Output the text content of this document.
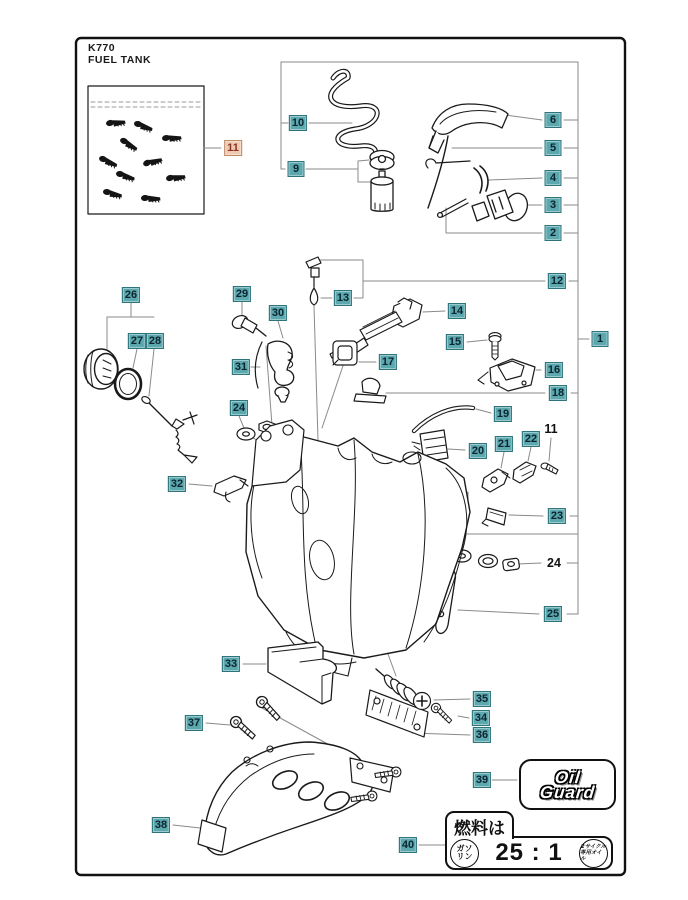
K770
FUEL TANK
11
10
9
6
5
4
3
2
12
1
26	29
30
27 28
31
13
14
15
17
16
18
19
24
20
21 22
11
23
24
25
32
33
37
38
35
34
36
39
40
Oil
Guard
燃料は
ガソ
リン 25 : 1	2サイクル
専用オイル
